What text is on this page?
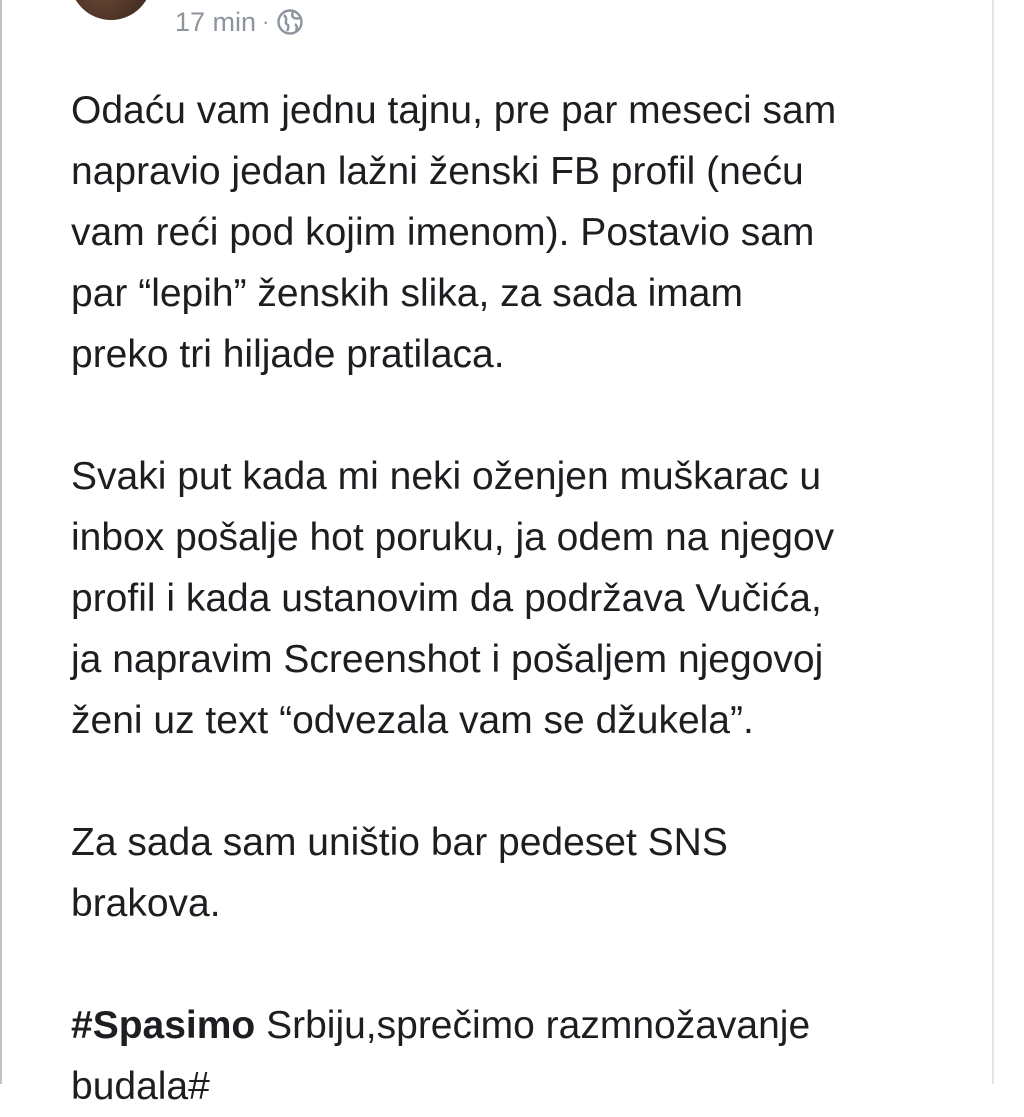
17 min ·
Odaću vam jednu tajnu, pre par meseci sam
napravio jedan lažni ženski FB profil (neću
vam reći pod kojim imenom). Postavio sam
par “lepih” ženskih slika, za sada imam
preko tri hiljade pratilaca.
Svaki put kada mi neki oženjen muškarac u
inbox pošalje hot poruku, ja odem na njegov
profil i kada ustanovim da podržava Vučića,
ja napravim Screenshot i pošaljem njegovoj
ženi uz text “odvezala vam se džukela”.
Za sada sam uništio bar pedeset SNS
brakova.
#Spasimo Srbiju,sprečimo razmnožavanje
budala#
